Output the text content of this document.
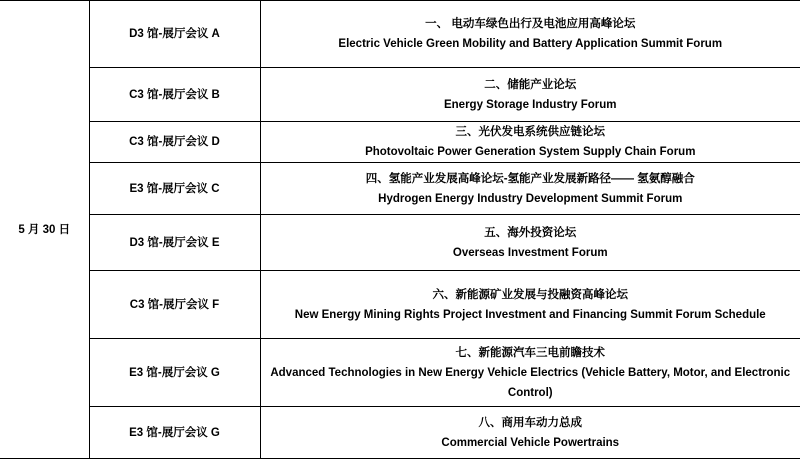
5 月 30 日	D3 馆-展厅会议 A	一、 电动车绿色出行及电池应用高峰论坛
Electric Vehicle Green Mobility and Battery Application Summit Forum

	C3 馆-展厅会议 B	二、储能产业论坛
Energy Storage Industry Forum

	C3 馆-展厅会议 D	三、光伏发电系统供应链论坛
Photovoltaic Power Generation System Supply Chain Forum

	E3 馆-展厅会议 C	四、氢能产业发展高峰论坛-氢能产业发展新路径—— 氢氨醇融合
Hydrogen Energy Industry Development Summit Forum

	D3 馆-展厅会议 E	五、海外投资论坛
Overseas Investment Forum

	C3 馆-展厅会议 F	六、新能源矿业发展与投融资高峰论坛
New Energy Mining Rights Project Investment and Financing Summit Forum Schedule

	E3 馆-展厅会议 G	七、新能源汽车三电前瞻技术
Advanced Technologies in New Energy Vehicle Electrics (Vehicle Battery, Motor, and Electronic Control)

	E3 馆-展厅会议 G	八、商用车动力总成
Commercial Vehicle Powertrains
